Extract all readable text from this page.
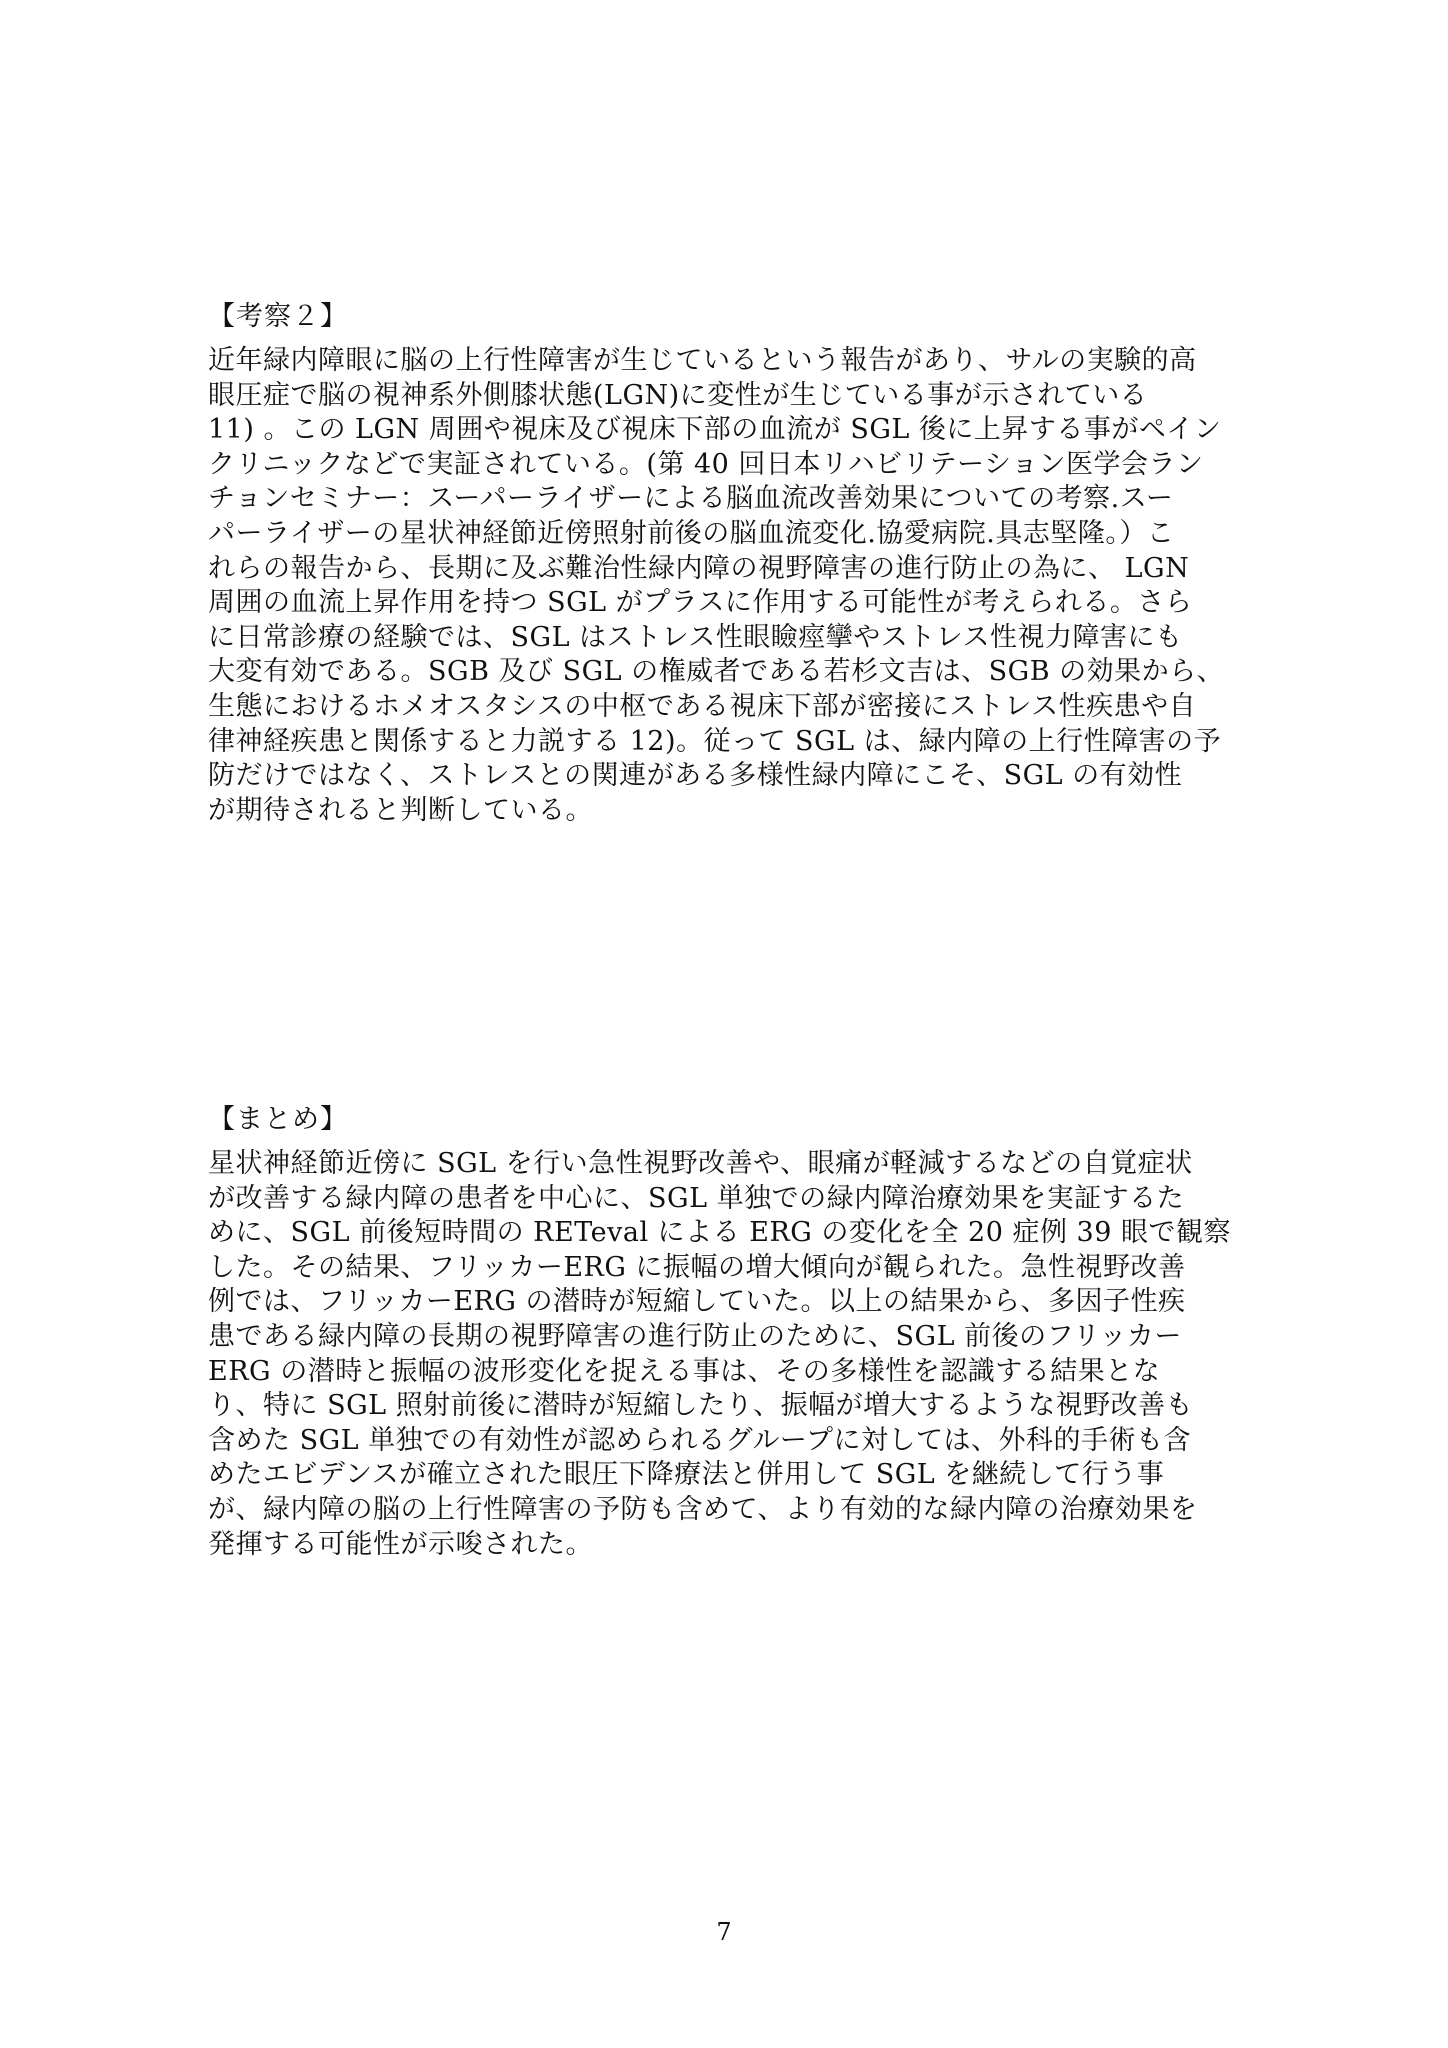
【考察２】
近年緑内障眼に脳の上行性障害が生じているという報告があり、サルの実験的高
眼圧症で脳の視神系外側膝状態(LGN)に変性が生じている事が示されている
11) 。この LGN 周囲や視床及び視床下部の血流が SGL 後に上昇する事がペイン
クリニックなどで実証されている。(第 40 回日本リハビリテーション医学会ラン
チョンセミナー：スーパーライザーによる脳血流改善効果についての考察.スー
パーライザーの星状神経節近傍照射前後の脳血流変化.協愛病院.具志堅隆。）こ
れらの報告から、長期に及ぶ難治性緑内障の視野障害の進行防止の為に、 LGN
周囲の血流上昇作用を持つ SGL がプラスに作用する可能性が考えられる。さら
に日常診療の経験では、SGL はストレス性眼瞼痙攣やストレス性視力障害にも
大変有効である。SGB 及び SGL の権威者である若杉文吉は、SGB の効果から、
生態におけるホメオスタシスの中枢である視床下部が密接にストレス性疾患や自
律神経疾患と関係すると力説する 12)。従って SGL は、緑内障の上行性障害の予
防だけではなく、ストレスとの関連がある多様性緑内障にこそ、SGL の有効性
が期待されると判断している。
【まとめ】
星状神経節近傍に SGL を行い急性視野改善や、眼痛が軽減するなどの自覚症状
が改善する緑内障の患者を中心に、SGL 単独での緑内障治療効果を実証するた
めに、SGL 前後短時間の RETeval による ERG の変化を全 20 症例 39 眼で観察
した。その結果、フリッカーERG に振幅の増大傾向が観られた。急性視野改善
例では、フリッカーERG の潜時が短縮していた。以上の結果から、多因子性疾
患である緑内障の長期の視野障害の進行防止のために、SGL 前後のフリッカー
ERG の潜時と振幅の波形変化を捉える事は、その多様性を認識する結果とな
り、特に SGL 照射前後に潜時が短縮したり、振幅が増大するような視野改善も
含めた SGL 単独での有効性が認められるグループに対しては、外科的手術も含
めたエビデンスが確立された眼圧下降療法と併用して SGL を継続して行う事
が、緑内障の脳の上行性障害の予防も含めて、より有効的な緑内障の治療効果を
発揮する可能性が示唆された。
7
